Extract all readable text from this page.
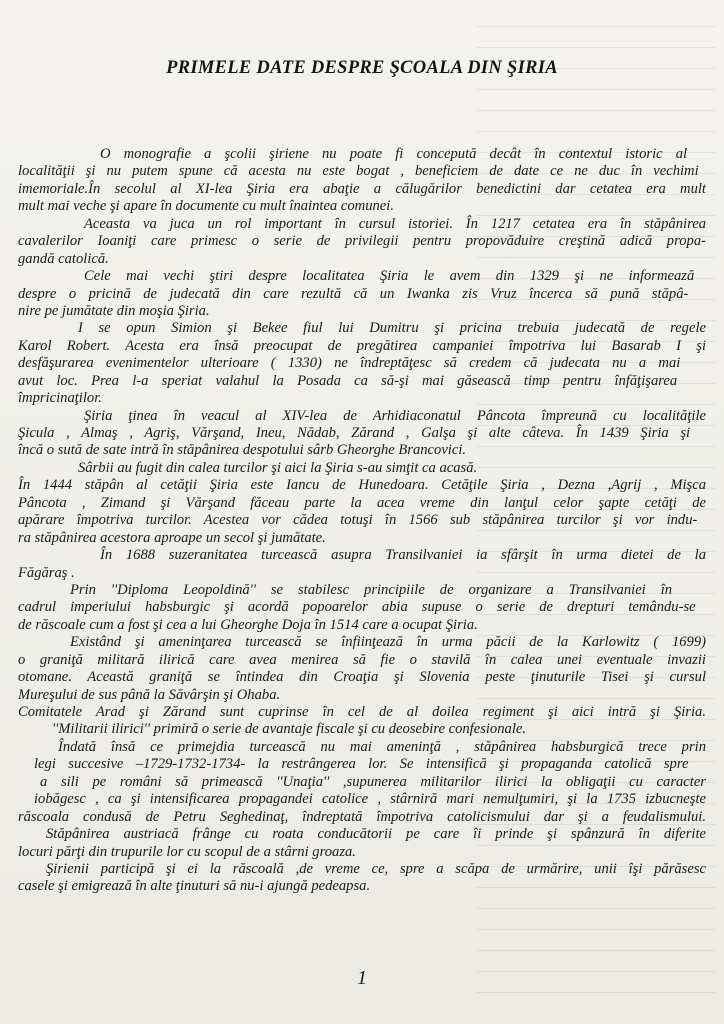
PRIMELE DATE DESPRE ŞCOALA DIN ŞIRIA
O monografie a şcolii şiriene nu poate fi concepută decât în contextul istoric al
localităţii şi nu putem spune că acesta nu este bogat , beneficiem de date ce ne duc în vechimi
imemoriale.În secolul al XI-lea Şiria era abaţie a călugărilor benedictini dar cetatea era mult
mult mai veche şi apare în documente cu mult înaintea comunei.
Aceasta va juca un rol important în cursul istoriei. În 1217 cetatea era în stăpânirea
cavalerilor Ioaniţi care primesc o serie de privilegii pentru propovăduire creştină adică propa-
gandă catolică.
Cele mai vechi ştiri despre localitatea Şiria le avem din 1329 şi ne informează
despre o pricină de judecată din care rezultă că un Iwanka zis Vruz încerca să pună stăpâ-
nire pe jumătate din moşia Şiria.
I se opun Simion şi Bekee fiul lui Dumitru şi pricina trebuia judecată de regele
Karol Robert. Acesta era însă preocupat de pregătirea campaniei împotriva lui Basarab I şi
desfăşurarea evenimentelor ulterioare ( 1330) ne îndreptăţesc să credem că judecata nu a mai
avut loc. Prea l-a speriat valahul la Posada ca să-şi mai găsească timp pentru înfăţişarea
împricinaţilor.
Şiria ţinea în veacul al XIV-lea de Arhidiaconatul Pâncota împreună cu localităţile
Şicula , Almaş , Agriş, Vărşand, Ineu, Nădab, Zărand , Galşa şi alte câteva. În 1439 Şiria şi
încă o sută de sate intră în stăpânirea despotului sârb Gheorghe Brancovici.
Sârbii au fugit din calea turcilor şi aici la Şiria s-au simţit ca acasă.
În 1444 stăpân al cetăţii Şiria este Iancu de Hunedoara. Cetăţile Şiria , Dezna ,Agrij , Mişca
Pâncota , Zimand şi Vărşand făceau parte la acea vreme din lanţul celor şapte cetăţi de
apărare împotriva turcilor. Acestea vor cădea totuşi în 1566 sub stăpânirea turcilor şi vor indu-
ra stăpânirea acestora aproape un secol şi jumătate.
În 1688 suzeranitatea turcească asupra Transilvaniei ia sfârşit în urma dietei de la
Făgăraş .
Prin ''Diploma Leopoldină'' se stabilesc principiile de organizare a Transilvaniei în
cadrul imperiului habsburgic şi acordă popoarelor abia supuse o serie de drepturi temându-se
de răscoale cum a fost şi cea a lui Gheorghe Doja în 1514 care a ocupat Şiria.
Existând şi ameninţarea turcească se înfiinţează în urma păcii de la Karlowitz ( 1699)
o graniţă militară ilirică care avea menirea să fie o stavilă în calea unei eventuale invazii
otomane. Această graniţă se întindea din Croaţia şi Slovenia peste ţinuturile Tisei şi cursul
Mureşului de sus până la Săvârşin şi Ohaba.
Comitatele Arad şi Zărand sunt cuprinse în cel de al doilea regiment şi aici intră şi Şiria.
''Militarii ilirici'' primiră o serie de avantaje fiscale şi cu deosebire confesionale.
Îndată însă ce primejdia turcească nu mai ameninţă , stăpânirea habsburgică trece prin
legi succesive –1729-1732-1734- la restrângerea lor. Se intensifică şi propaganda catolică spre
a sili pe români să primească ''Unaţia'' ,supunerea militarilor ilirici la obligaţii cu caracter
iobăgesc , ca şi intensificarea propagandei catolice , stârniră mari nemulţumiri, şi la 1735 izbucneşte
răscoala condusă de Petru Seghedinaţ, îndreptată împotriva catolicismului dar şi a feudalismului.
Stăpânirea austriacă frânge cu roata conducătorii pe care îi prinde şi spânzură în diferite
locuri părţi din trupurile lor cu scopul de a stârni groaza.
Şirienii participă şi ei la răscoală ,de vreme ce, spre a scăpa de urmărire, unii îşi părăsesc
casele şi emigrează în alte ţinuturi să nu-i ajungă pedeapsa.
1
